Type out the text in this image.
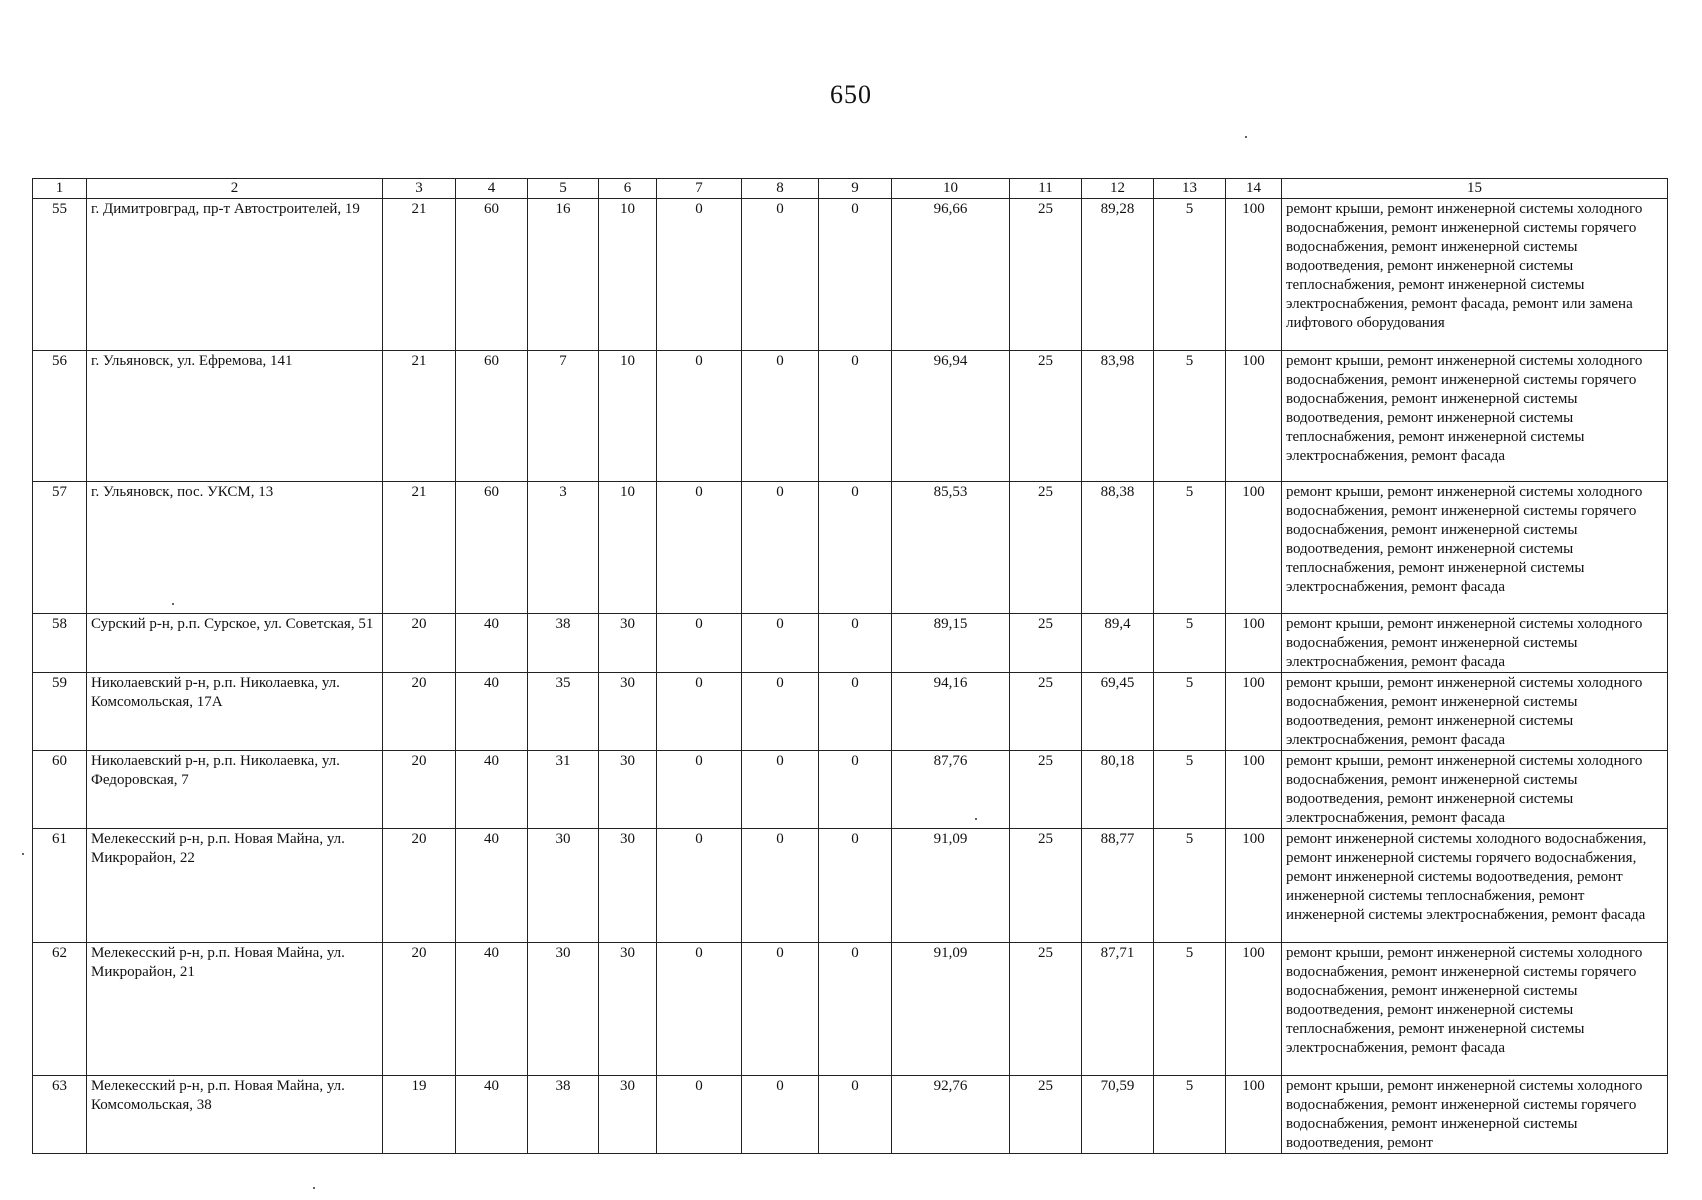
650
1	2	3	4	5	6	7	8	9	10	11	12	13	14	15
55	г. Димитровград, пр-т Автостроителей, 19	21	60	16	10	0	0	0	96,66	25	89,28	5	100	ремонт крыши, ремонт инженерной системы холодного водоснабжения, ремонт инженерной системы горячего водоснабжения, ремонт инженерной системы водоотведения, ремонт инженерной системы теплоснабжения, ремонт инженерной системы электроснабжения, ремонт фасада, ремонт или замена лифтового оборудования
56	г. Ульяновск, ул. Ефремова, 141	21	60	7	10	0	0	0	96,94	25	83,98	5	100	ремонт крыши, ремонт инженерной системы холодного водоснабжения, ремонт инженерной системы горячего водоснабжения, ремонт инженерной системы водоотведения, ремонт инженерной системы теплоснабжения, ремонт инженерной системы электроснабжения, ремонт фасада
57	г. Ульяновск, пос. УКСМ, 13	21	60	3	10	0	0	0	85,53	25	88,38	5	100	ремонт крыши, ремонт инженерной системы холодного водоснабжения, ремонт инженерной системы горячего водоснабжения, ремонт инженерной системы водоотведения, ремонт инженерной системы теплоснабжения, ремонт инженерной системы электроснабжения, ремонт фасада
58	Сурский р-н, р.п. Сурское, ул. Советская, 51	20	40	38	30	0	0	0	89,15	25	89,4	5	100	ремонт крыши, ремонт инженерной системы холодного водоснабжения, ремонт инженерной системы электроснабжения, ремонт фасада
59	Николаевский р-н, р.п. Николаевка, ул. Комсомольская, 17А	20	40	35	30	0	0	0	94,16	25	69,45	5	100	ремонт крыши, ремонт инженерной системы холодного водоснабжения, ремонт инженерной системы водоотведения, ремонт инженерной системы электроснабжения, ремонт фасада
60	Николаевский р-н, р.п. Николаевка, ул. Федоровская, 7	20	40	31	30	0	0	0	87,76	25	80,18	5	100	ремонт крыши, ремонт инженерной системы холодного водоснабжения, ремонт инженерной системы водоотведения, ремонт инженерной системы электроснабжения, ремонт фасада
61	Мелекесский р-н, р.п. Новая Майна, ул. Микрорайон, 22	20	40	30	30	0	0	0	91,09	25	88,77	5	100	ремонт инженерной системы холодного водоснабжения, ремонт инженерной системы горячего водоснабжения, ремонт инженерной системы водоотведения, ремонт инженерной системы теплоснабжения, ремонт инженерной системы электроснабжения, ремонт фасада
62	Мелекесский р-н, р.п. Новая Майна, ул. Микрорайон, 21	20	40	30	30	0	0	0	91,09	25	87,71	5	100	ремонт крыши, ремонт инженерной системы холодного водоснабжения, ремонт инженерной системы горячего водоснабжения, ремонт инженерной системы водоотведения, ремонт инженерной системы теплоснабжения, ремонт инженерной системы электроснабжения, ремонт фасада
63	Мелекесский р-н, р.п. Новая Майна, ул. Комсомольская, 38	19	40	38	30	0	0	0	92,76	25	70,59	5	100	ремонт крыши, ремонт инженерной системы холодного водоснабжения, ремонт инженерной системы горячего водоснабжения, ремонт инженерной системы водоотведения, ремонт
